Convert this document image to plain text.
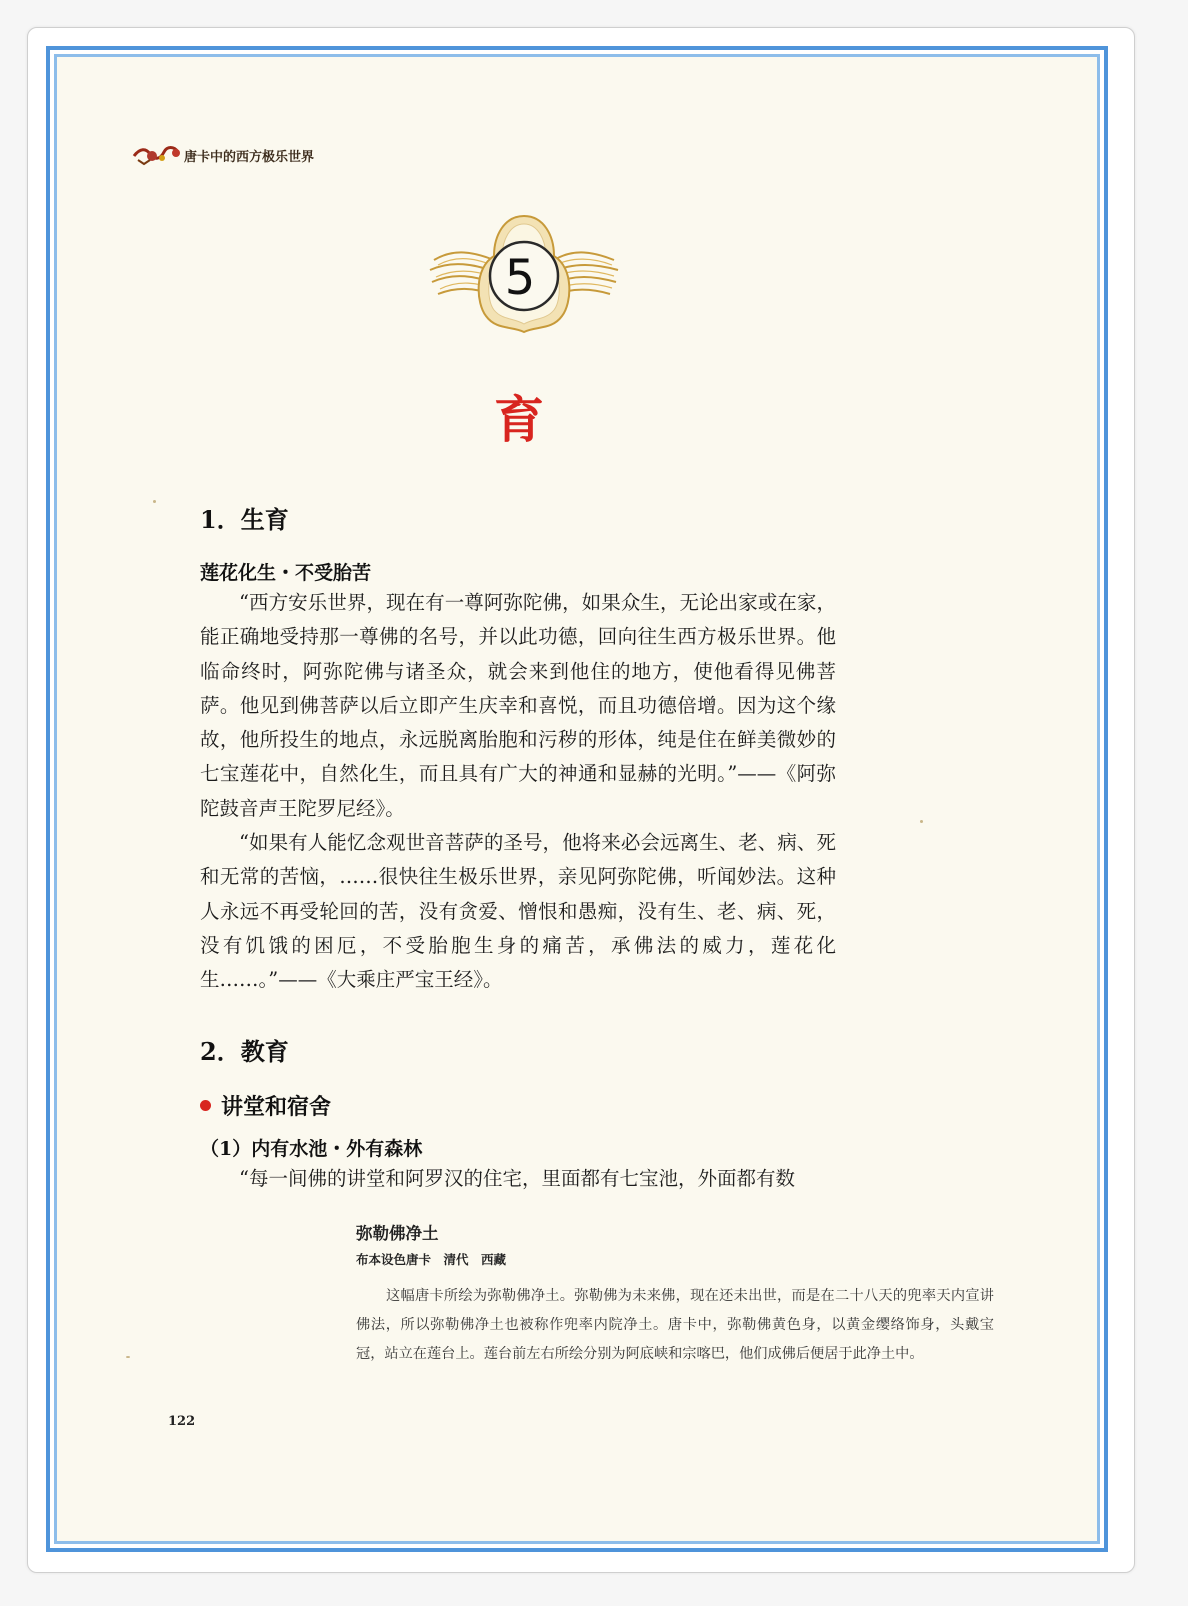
唐卡中的西方极乐世界
5
育
1．生育
莲花化生・不受胎苦

“西方安乐世界，现在有一尊阿弥陀佛，如果众生，无论出家或在家，能正确地受持那一尊佛的名号，并以此功德，回向往生西方极乐世界。他临命终时，阿弥陀佛与诸圣众，就会来到他住的地方，使他看得见佛菩萨。他见到佛菩萨以后立即产生庆幸和喜悦，而且功德倍增。因为这个缘故，他所投生的地点，永远脱离胎胞和污秽的形体，纯是住在鲜美微妙的七宝莲花中，自然化生，而且具有广大的神通和显赫的光明。”——《阿弥陀鼓音声王陀罗尼经》。

“如果有人能忆念观世音菩萨的圣号，他将来必会远离生、老、病、死和无常的苦恼，……很快往生极乐世界，亲见阿弥陀佛，听闻妙法。这种人永远不再受轮回的苦，没有贪爱、憎恨和愚痴，没有生、老、病、死，没有饥饿的困厄，不受胎胞生身的痛苦，承佛法的威力，莲花化生……。”——《大乘庄严宝王经》。

2．教育
讲堂和宿舍
（1）内有水池・外有森林

“每一间佛的讲堂和阿罗汉的住宅，里面都有七宝池，外面都有数

弥勒佛净土
布本设色唐卡　清代　西藏

这幅唐卡所绘为弥勒佛净土。弥勒佛为未来佛，现在还未出世，而是在二十八天的兜率天内宣讲佛法，所以弥勒佛净土也被称作兜率内院净土。唐卡中，弥勒佛黄色身，以黄金缨络饰身，头戴宝冠，站立在莲台上。莲台前左右所绘分别为阿底峡和宗喀巴，他们成佛后便居于此净土中。

122
